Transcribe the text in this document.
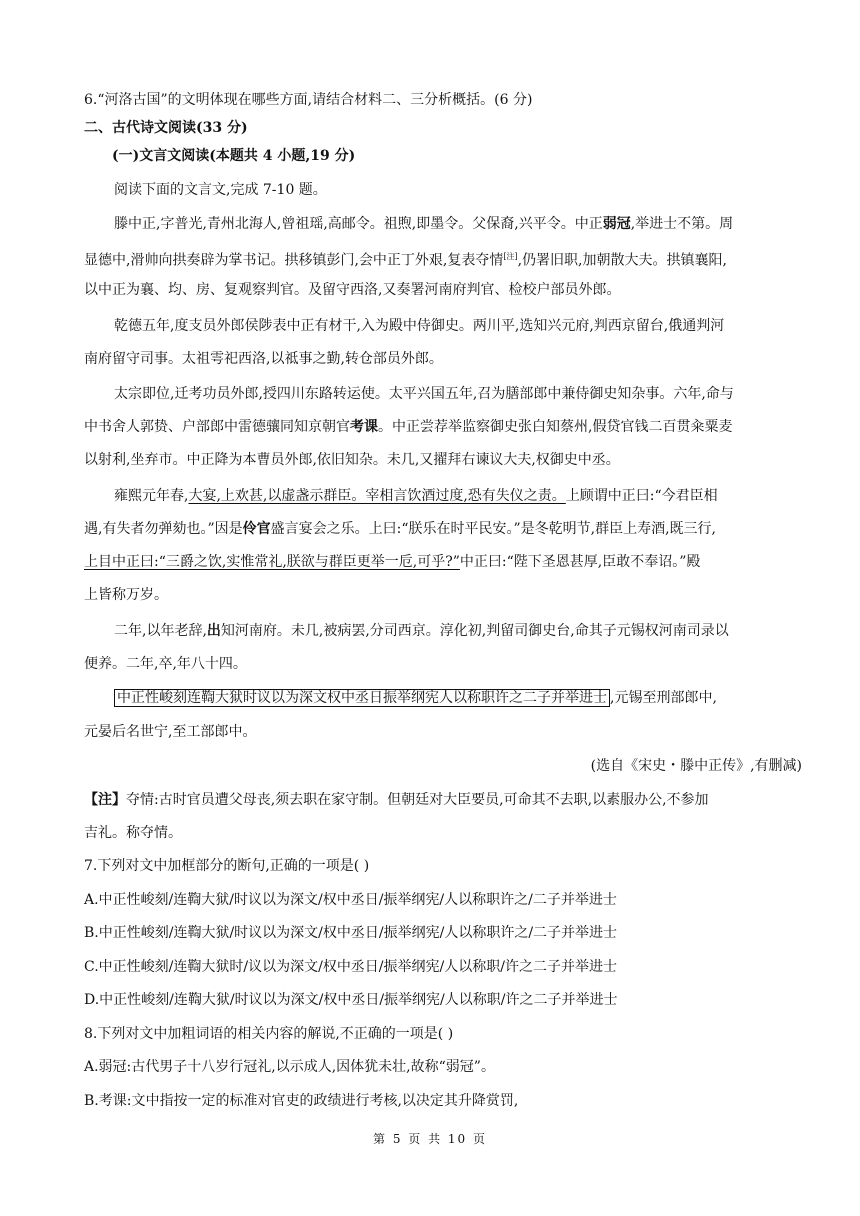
6.“河洛古国”的文明体现在哪些方面,请结合材料二、三分析概括。(6 分)
二、古代诗文阅读(33 分)
(一)文言文阅读(本题共 4 小题,19 分)
阅读下面的文言文,完成 7-10 题。
滕中正,字普光,青州北海人,曾祖瑶,高邮令。祖煦,即墨令。父保裔,兴平令。中正弱冠,举进士不第。周
显德中,滑帅向拱奏辟为掌书记。拱移镇彭门,会中正丁外艰,复表夺情[注],仍署旧职,加朝散大夫。拱镇襄阳,
以中正为襄、均、房、复观察判官。及留守西洛,又奏署河南府判官、检校户部员外郎。
乾德五年,度支员外郎侯陟表中正有材干,入为殿中侍御史。两川平,选知兴元府,判西京留台,俄通判河
南府留守司事。太祖雩祀西洛,以祗事之勤,转仓部员外郎。
太宗即位,迁考功员外郎,授四川东路转运使。太平兴国五年,召为膳部郎中兼侍御史知杂事。六年,命与
中书舍人郭贽、户部郎中雷德骧同知京朝官考课。中正尝荐举监察御史张白知蔡州,假贷官钱二百贯籴粟麦
以射利,坐弃市。中正降为本曹员外郎,依旧知杂。未几,又擢拜右谏议大夫,权御史中丞。
雍熙元年春,大宴,上欢甚,以虚盏示群臣。宰相言饮酒过度,恐有失仪之责。上顾谓中正曰:“今君臣相
遇,有失者勿弹劾也。”因是伶官盛言宴会之乐。上曰:“朕乐在时平民安。”是冬乾明节,群臣上寿酒,既三行,
上目中正曰:“三爵之饮,实惟常礼,朕欲与群臣更举一卮,可乎?”中正曰:“陛下圣恩甚厚,臣敢不奉诏。”殿
上皆称万岁。
二年,以年老辞,出知河南府。未几,被病罢,分司西京。淳化初,判留司御史台,命其子元锡权河南司录以
便养。二年,卒,年八十四。
中正性峻刻连鞫大狱时议以为深文权中丞日振举纲宪人以称职许之二子并举进士 ,元锡至刑部郎中,
元晏后名世宁,至工部郎中。
(选自《宋史・滕中正传》,有删减)
【注】夺情:古时官员遭父母丧,须去职在家守制。但朝廷对大臣要员,可命其不去职,以素服办公,不参加
吉礼。称夺情。
7.下列对文中加框部分的断句,正确的一项是( )
A.中正性峻刻/连鞫大狱/时议以为深文/权中丞日/振举纲宪/人以称职许之/二子并举进士
B.中正性峻刻/连鞫大狱/时议以为深文/权中丞日/振举纲宪/人以称职许之/二子并举进士
C.中正性峻刻/连鞫大狱时/议以为深文/权中丞日/振举纲宪/人以称职/许之二子并举进士
D.中正性峻刻/连鞫大狱/时议以为深文/权中丞日/振举纲宪/人以称职/许之二子并举进士
8.下列对文中加粗词语的相关内容的解说,不正确的一项是( )
A.弱冠:古代男子十八岁行冠礼,以示成人,因体犹未壮,故称“弱冠”。
B.考课:文中指按一定的标准对官吏的政绩进行考核,以决定其升降赏罚,
第 5 页 共 10 页
